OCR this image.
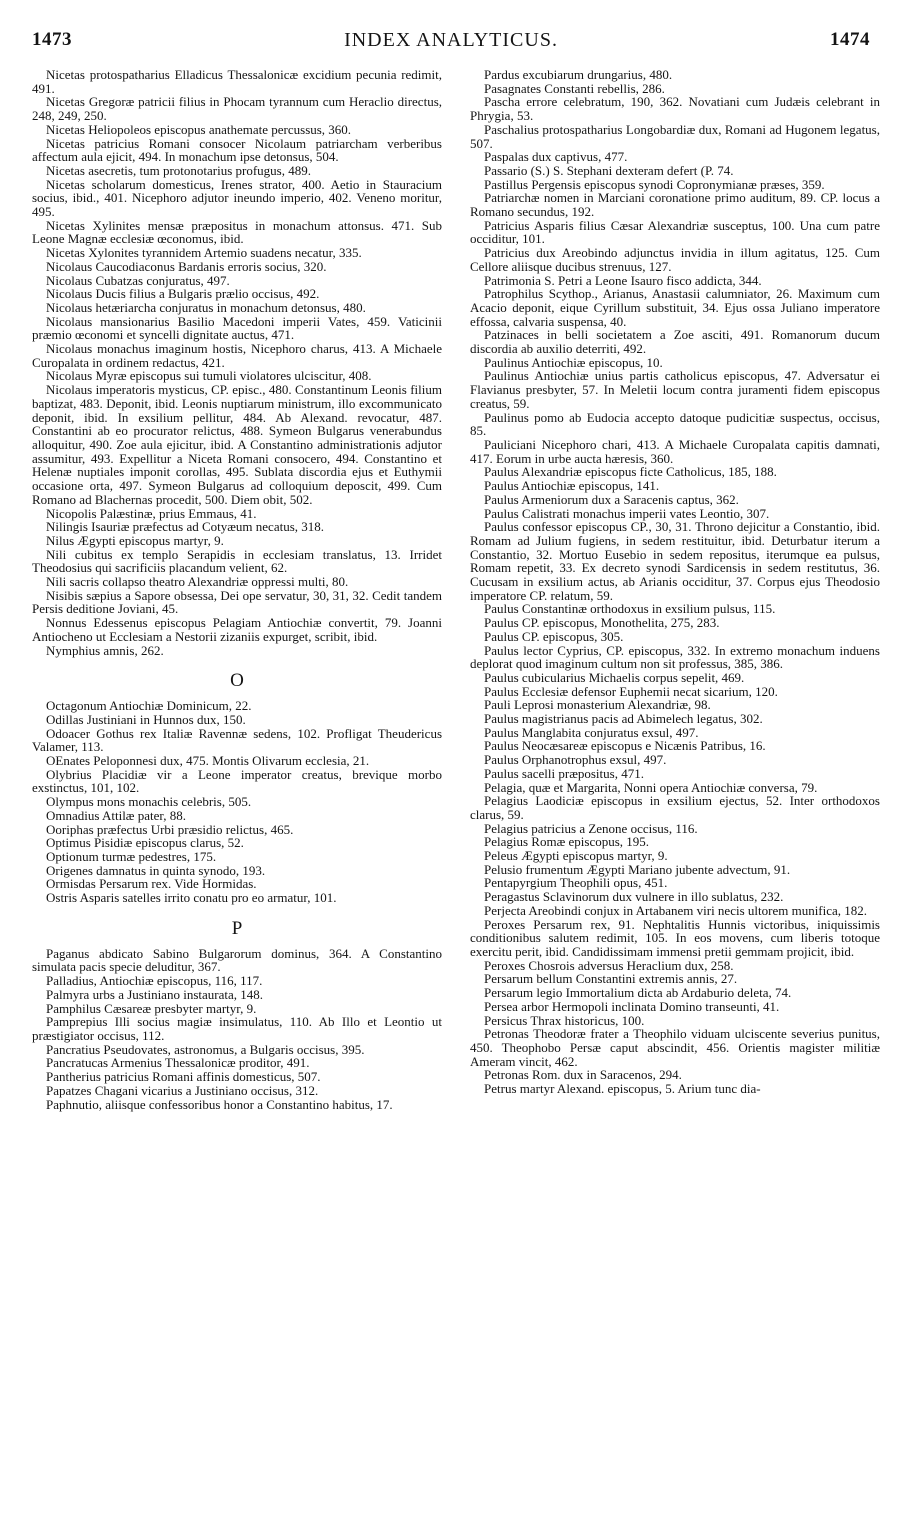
INDEX ANALYTICUS.
1473	1474

Nicetas protospatharius Elladicus Thessalonicæ excidium pecunia redimit, 491.

Nicetas Gregoræ patricii filius in Phocam tyrannum cum Heraclio directus, 248, 249, 250.

Nicetas Heliopoleos episcopus anathemate percussus, 360.

Nicetas patricius Romani consocer Nicolaum patriarcham verberibus affectum aula ejicit, 494. In monachum ipse detonsus, 504.

Nicetas asecretis, tum protonotarius profugus, 489.

Nicetas scholarum domesticus, Irenes strator, 400. Aetio in Stauracium socius, ibid., 401. Nicephoro adjutor ineundo imperio, 402. Veneno moritur, 495.

Nicetas Xylinites mensæ præpositus in monachum attonsus. 471. Sub Leone Magnæ ecclesiæ œconomus, ibid.

Nicetas Xylonites tyrannidem Artemio suadens necatur, 335.

Nicolaus Caucodiaconus Bardanis erroris socius, 320.

Nicolaus Cubatzas conjuratus, 497.

Nicolaus Ducis filius a Bulgaris prælio occisus, 492.

Nicolaus hetæriarcha conjuratus in monachum detonsus, 480.

Nicolaus mansionarius Basilio Macedoni imperii Vates, 459. Vaticinii præmio œconomi et syncelli dignitate auctus, 471.

Nicolaus monachus imaginum hostis, Nicephoro charus, 413. A Michaele Curopalata in ordinem redactus, 421.

Nicolaus Myræ episcopus sui tumuli violatores ulciscitur, 408.

Nicolaus imperatoris mysticus, CP. episc., 480. Constantinum Leonis filium baptizat, 483. Deponit, ibid. Leonis nuptiarum ministrum, illo excommunicato deponit, ibid. In exsilium pellitur, 484. Ab Alexand. revocatur, 487. Constantini ab eo procurator relictus, 488. Symeon Bulgarus venerabundus alloquitur, 490. Zoe aula ejicitur, ibid. A Constantino administrationis adjutor assumitur, 493. Expellitur a Niceta Romani consocero, 494. Constantino et Helenæ nuptiales imponit corollas, 495. Sublata discordia ejus et Euthymii occasione orta, 497. Symeon Bulgarus ad colloquium deposcit, 499. Cum Romano ad Blachernas procedit, 500. Diem obit, 502.

Nicopolis Palæstinæ, prius Emmaus, 41.

Nilingis Isauriæ præfectus ad Cotyæum necatus, 318.

Nilus Ægypti episcopus martyr, 9.

Nili cubitus ex templo Serapidis in ecclesiam translatus, 13. Irridet Theodosius qui sacrificiis placandum velient, 62.

Nili sacris collapso theatro Alexandriæ oppressi multi, 80.

Nisibis sæpius a Sapore obsessa, Dei ope servatur, 30, 31, 32. Cedit tandem Persis deditione Joviani, 45.

Nonnus Edessenus episcopus Pelagiam Antiochiæ convertit, 79. Joanni Antiocheno ut Ecclesiam a Nestorii zizaniis expurget, scribit, ibid.

Nymphius amnis, 262.

O

Octagonum Antiochiæ Dominicum, 22.

Odillas Justiniani in Hunnos dux, 150.

Odoacer Gothus rex Italiæ Ravennæ sedens, 102. Profligat Theudericus Valamer, 113.

OEnates Peloponnesi dux, 475. Montis Olivarum ecclesia, 21.

Olybrius Placidiæ vir a Leone imperator creatus, brevique morbo exstinctus, 101, 102.

Olympus mons monachis celebris, 505.

Omnadius Attilæ pater, 88.

Ooriphas præfectus Urbi præsidio relictus, 465.

Optimus Pisidiæ episcopus clarus, 52.

Optionum turmæ pedestres, 175.

Origenes damnatus in quinta synodo, 193.

Ormisdas Persarum rex. Vide Hormidas.

Ostris Asparis satelles irrito conatu pro eo armatur, 101.

P

Paganus abdicato Sabino Bulgarorum dominus, 364. A Constantino simulata pacis specie deluditur, 367.

Palladius, Antiochiæ episcopus, 116, 117.

Palmyra urbs a Justiniano instaurata, 148.

Pamphilus Cæsareæ presbyter martyr, 9.

Pamprepius Illi socius magiæ insimulatus, 110. Ab Illo et Leontio ut præstigiator occisus, 112.

Pancratius Pseudovates, astronomus, a Bulgaris occisus, 395.

Pancratucas Armenius Thessalonicæ proditor, 491.

Pantherius patricius Romani affinis domesticus, 507.

Papatzes Chagani vicarius a Justiniano occisus, 312.

Paphnutio, aliisque confessoribus honor a Constantino habitus, 17.

Pardus excubiarum drungarius, 480.

Pasagnates Constanti rebellis, 286.

Pascha errore celebratum, 190, 362. Novatiani cum Judæis celebrant in Phrygia, 53.

Paschalius protospatharius Longobardiæ dux, Romani ad Hugonem legatus, 507.

Paspalas dux captivus, 477.

Passario (S.) S. Stephani dexteram defert (P. 74.

Pastillus Pergensis episcopus synodi Copronymianæ præses, 359.

Patriarchæ nomen in Marciani coronatione primo auditum, 89. CP. locus a Romano secundus, 192.

Patricius Asparis filius Cæsar Alexandriæ susceptus, 100. Una cum patre occiditur, 101.

Patricius dux Areobindo adjunctus invidia in illum agitatus, 125. Cum Cellore aliisque ducibus strenuus, 127.

Patrimonia S. Petri a Leone Isauro fisco addicta, 344.

Patrophilus Scythop., Arianus, Anastasii calumniator, 26. Maximum cum Acacio deponit, eique Cyrillum substituit, 34. Ejus ossa Juliano imperatore effossa, calvaria suspensa, 40.

Patzinaces in belli societatem a Zoe asciti, 491. Romanorum ducum discordia ab auxilio deterriti, 492.

Paulinus Antiochiæ episcopus, 10.

Paulinus Antiochiæ unius partis catholicus episcopus, 47. Adversatur ei Flavianus presbyter, 57. In Meletii locum contra juramenti fidem episcopus creatus, 59.

Paulinus pomo ab Eudocia accepto datoque pudicitiæ suspectus, occisus, 85.

Pauliciani Nicephoro chari, 413. A Michaele Curopalata capitis damnati, 417. Eorum in urbe aucta hæresis, 360.

Paulus Alexandriæ episcopus ficte Catholicus, 185, 188.

Paulus Antiochiæ episcopus, 141.

Paulus Armeniorum dux a Saracenis captus, 362.

Paulus Calistrati monachus imperii vates Leontio, 307.

Paulus confessor episcopus CP., 30, 31. Throno dejicitur a Constantio, ibid. Romam ad Julium fugiens, in sedem restituitur, ibid. Deturbatur iterum a Constantio, 32. Mortuo Eusebio in sedem repositus, iterumque ea pulsus, Romam repetit, 33. Ex decreto synodi Sardicensis in sedem restitutus, 36. Cucusam in exsilium actus, ab Arianis occiditur, 37. Corpus ejus Theodosio imperatore CP. relatum, 59.

Paulus Constantinæ orthodoxus in exsilium pulsus, 115.

Paulus CP. episcopus, Monothelita, 275, 283.

Paulus CP. episcopus, 305.

Paulus lector Cyprius, CP. episcopus, 332. In extremo monachum induens deplorat quod imaginum cultum non sit professus, 385, 386.

Paulus cubicularius Michaelis corpus sepelit, 469.

Paulus Ecclesiæ defensor Euphemii necat sicarium, 120.

Pauli Leprosi monasterium Alexandriæ, 98.

Paulus magistrianus pacis ad Abimelech legatus, 302.

Paulus Manglabita conjuratus exsul, 497.

Paulus Neocæsareæ episcopus e Nicænis Patribus, 16.

Paulus Orphanotrophus exsul, 497.

Paulus sacelli præpositus, 471.

Pelagia, quæ et Margarita, Nonni opera Antiochiæ conversa, 79.

Pelagius Laodiciæ episcopus in exsilium ejectus, 52. Inter orthodoxos clarus, 59.

Pelagius patricius a Zenone occisus, 116.

Pelagius Romæ episcopus, 195.

Peleus Ægypti episcopus martyr, 9.

Pelusio frumentum Ægypti Mariano jubente advectum, 91.

Pentapyrgium Theophili opus, 451.

Peragastus Sclavinorum dux vulnere in illo sublatus, 232.

Perjecta Areobindi conjux in Artabanem viri necis ultorem munifica, 182.

Peroxes Persarum rex, 91. Nephtalitis Hunnis victoribus, iniquissimis conditionibus salutem redimit, 105. In eos movens, cum liberis totoque exercitu perit, ibid. Candidissimam immensi pretii gemmam projicit, ibid.

Peroxes Chosrois adversus Heraclium dux, 258.

Persarum bellum Constantini extremis annis, 27.

Persarum legio Immortalium dicta ab Ardaburio deleta, 74.

Persea arbor Hermopoli inclinata Domino transeunti, 41.

Persicus Thrax historicus, 100.

Petronas Theodoræ frater a Theophilo viduam ulciscente severius punitus, 450. Theophobo Persæ caput abscindit, 456. Orientis magister militiæ Ameram vincit, 462.

Petronas Rom. dux in Saracenos, 294.

Petrus martyr Alexand. episcopus, 5. Arium tunc dia-
